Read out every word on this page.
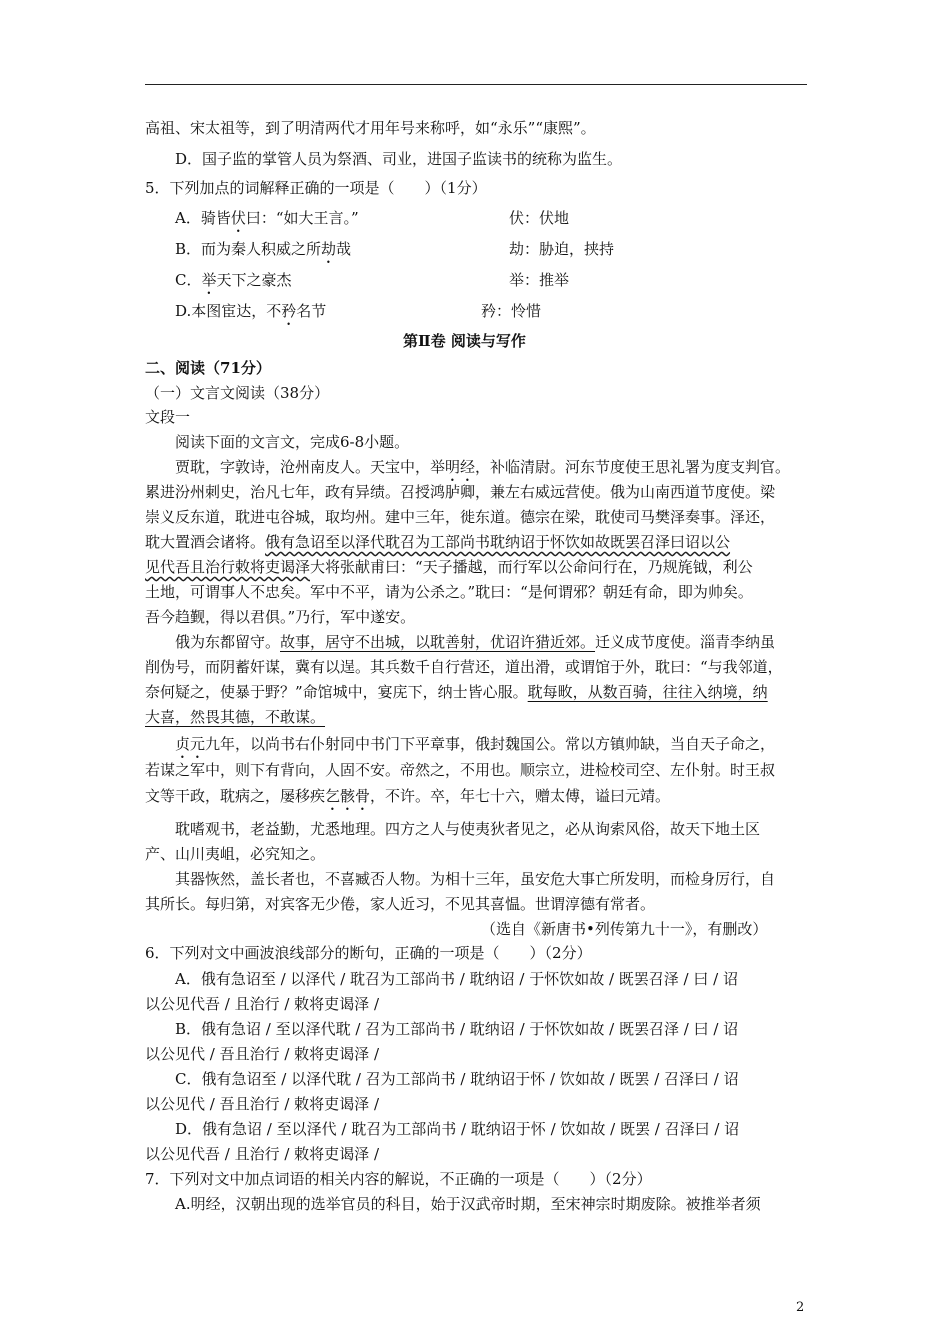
高祖、宋太祖等，到了明清两代才用年号来称呼，如“永乐”“康熙”。
D．国子监的掌管人员为祭酒、司业，进国子监读书的统称为监生。
5．下列加点的词解释正确的一项是（　　）（1分）
A．骑皆伏曰：“如大王言。”	伏：伏地
B．而为秦人积威之所劫哉	劫：胁迫，挟持
C．举天下之豪杰	举：推举
D.本图宦达，不矜名节	矜：怜惜
第Ⅱ卷 阅读与写作
二、阅读（71分）
（一）文言文阅读（38分）
文段一
阅读下面的文言文，完成6-8小题。
贾耽，字敦诗，沧州南皮人。天宝中，举明经，补临清尉。河东节度使王思礼署为度支判官。
累进汾州刺史，治凡七年，政有异绩。召授鸿胪卿，兼左右威远营使。俄为山南西道节度使。梁
崇义反东道，耽进屯谷城，取均州。建中三年，徙东道。德宗在梁，耽使司马樊泽奏事。泽还，
耽大置酒会诸将。俄有急诏至以泽代耽召为工部尚书耽纳诏于怀饮如故既罢召泽曰诏以公
见代吾且治行敕将吏谒泽大将张献甫曰：“天子播越，而行军以公命问行在，乃规旄钺，利公
土地，可谓事人不忠矣。军中不平，请为公杀之。”耽曰：“是何谓邪？朝廷有命，即为帅矣。
吾今趋觐，得以君俱。”乃行，军中遂安。
俄为东都留守。故事，居守不出城，以耽善射，优诏许猎近郊。迁义成节度使。淄青李纳虽
削伪号，而阴蓄奸谋，冀有以逞。其兵数千自行营还，道出滑，或谓馆于外，耽曰：“与我邻道，
奈何疑之，使暴于野？”命馆城中，宴庑下，纳士皆心服。耽每畋，从数百骑，往往入纳境，纳
大喜，然畏其德，不敢谋。
贞元九年，以尚书右仆射同中书门下平章事，俄封魏国公。常以方镇帅缺，当自天子命之，
若谋之军中，则下有背向，人固不安。帝然之，不用也。顺宗立，进检校司空、左仆射。时王叔
文等干政，耽病之，屡移疾乞骸骨，不许。卒，年七十六，赠太傅，谥曰元靖。
耽嗜观书，老益勤，尤悉地理。四方之人与使夷狄者见之，必从询索风俗，故天下地土区
产、山川夷岨，必究知之。
其器恢然，盖长者也，不喜臧否人物。为相十三年，虽安危大事亡所发明，而检身厉行，自
其所长。每归第，对宾客无少倦，家人近习，不见其喜愠。世谓淳德有常者。
（选自《新唐书•列传第九十一》，有删改）
6．下列对文中画波浪线部分的断句，正确的一项是（　　）（2分）
A．俄有急诏至 / 以泽代 / 耽召为工部尚书 / 耽纳诏 / 于怀饮如故 / 既罢召泽 / 曰 / 诏
以公见代吾 / 且治行 / 敕将吏谒泽 /
B．俄有急诏 / 至以泽代耽 / 召为工部尚书 / 耽纳诏 / 于怀饮如故 / 既罢召泽 / 曰 / 诏
以公见代 / 吾且治行 / 敕将吏谒泽 /
C．俄有急诏至 / 以泽代耽 / 召为工部尚书 / 耽纳诏于怀 / 饮如故 / 既罢 / 召泽曰 / 诏
以公见代 / 吾且治行 / 敕将吏谒泽 /
D．俄有急诏 / 至以泽代 / 耽召为工部尚书 / 耽纳诏于怀 / 饮如故 / 既罢 / 召泽曰 / 诏
以公见代吾 / 且治行 / 敕将吏谒泽 /
7．下列对文中加点词语的相关内容的解说，不正确的一项是（　　）（2分）
A.明经，汉朝出现的选举官员的科目，始于汉武帝时期，至宋神宗时期废除。被推举者须
2
